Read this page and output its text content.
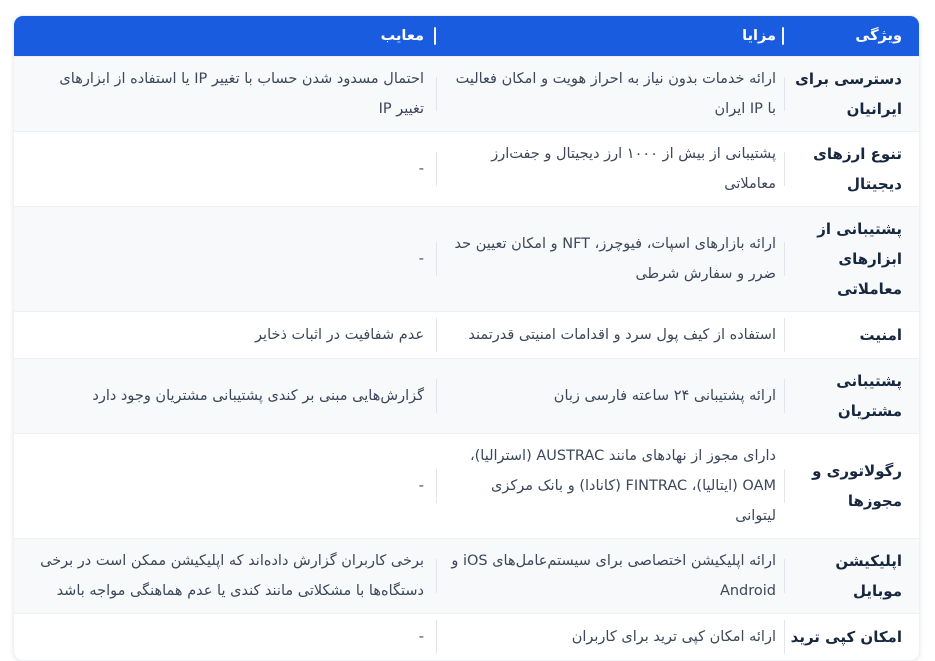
ویژگی
مزایا
معایب
دسترسی برای ایرانیان
ارائه خدمات بدون نیاز به احراز هویت و امکان فعالیت با IP ایران
احتمال مسدود شدن حساب با تغییر IP یا استفاده از ابزارهای تغییر IP
تنوع ارزهای دیجیتال
پشتیبانی از بیش از ۱۰۰۰ ارز دیجیتال و جفت‌ارز معاملاتی
-
پشتیبانی از ابزارهای معاملاتی
ارائه بازارهای اسپات، فیوچرز، NFT و امکان تعیین حد ضرر و سفارش شرطی
-
امنیت
استفاده از کیف پول سرد و اقدامات امنیتی قدرتمند
عدم شفافیت در اثبات ذخایر
پشتیبانی مشتریان
ارائه پشتیبانی ۲۴ ساعته فارسی زبان
گزارش‌هایی مبنی بر کندی پشتیبانی مشتریان وجود دارد
رگولاتوری و مجوزها
دارای مجوز از نهادهای مانند AUSTRAC (استرالیا)، OAM (ایتالیا)، FINTRAC (کانادا) و بانک مرکزی لیتوانی
-
اپلیکیشن موبایل
ارائه اپلیکیشن اختصاصی برای سیستم‌عامل‌های iOS و Android
برخی کاربران گزارش داده‌اند که اپلیکیشن ممکن است در برخی دستگاه‌ها با مشکلاتی مانند کندی یا عدم هماهنگی مواجه باشد
امکان کپی ترید
ارائه امکان کپی ترید برای کاربران
-
